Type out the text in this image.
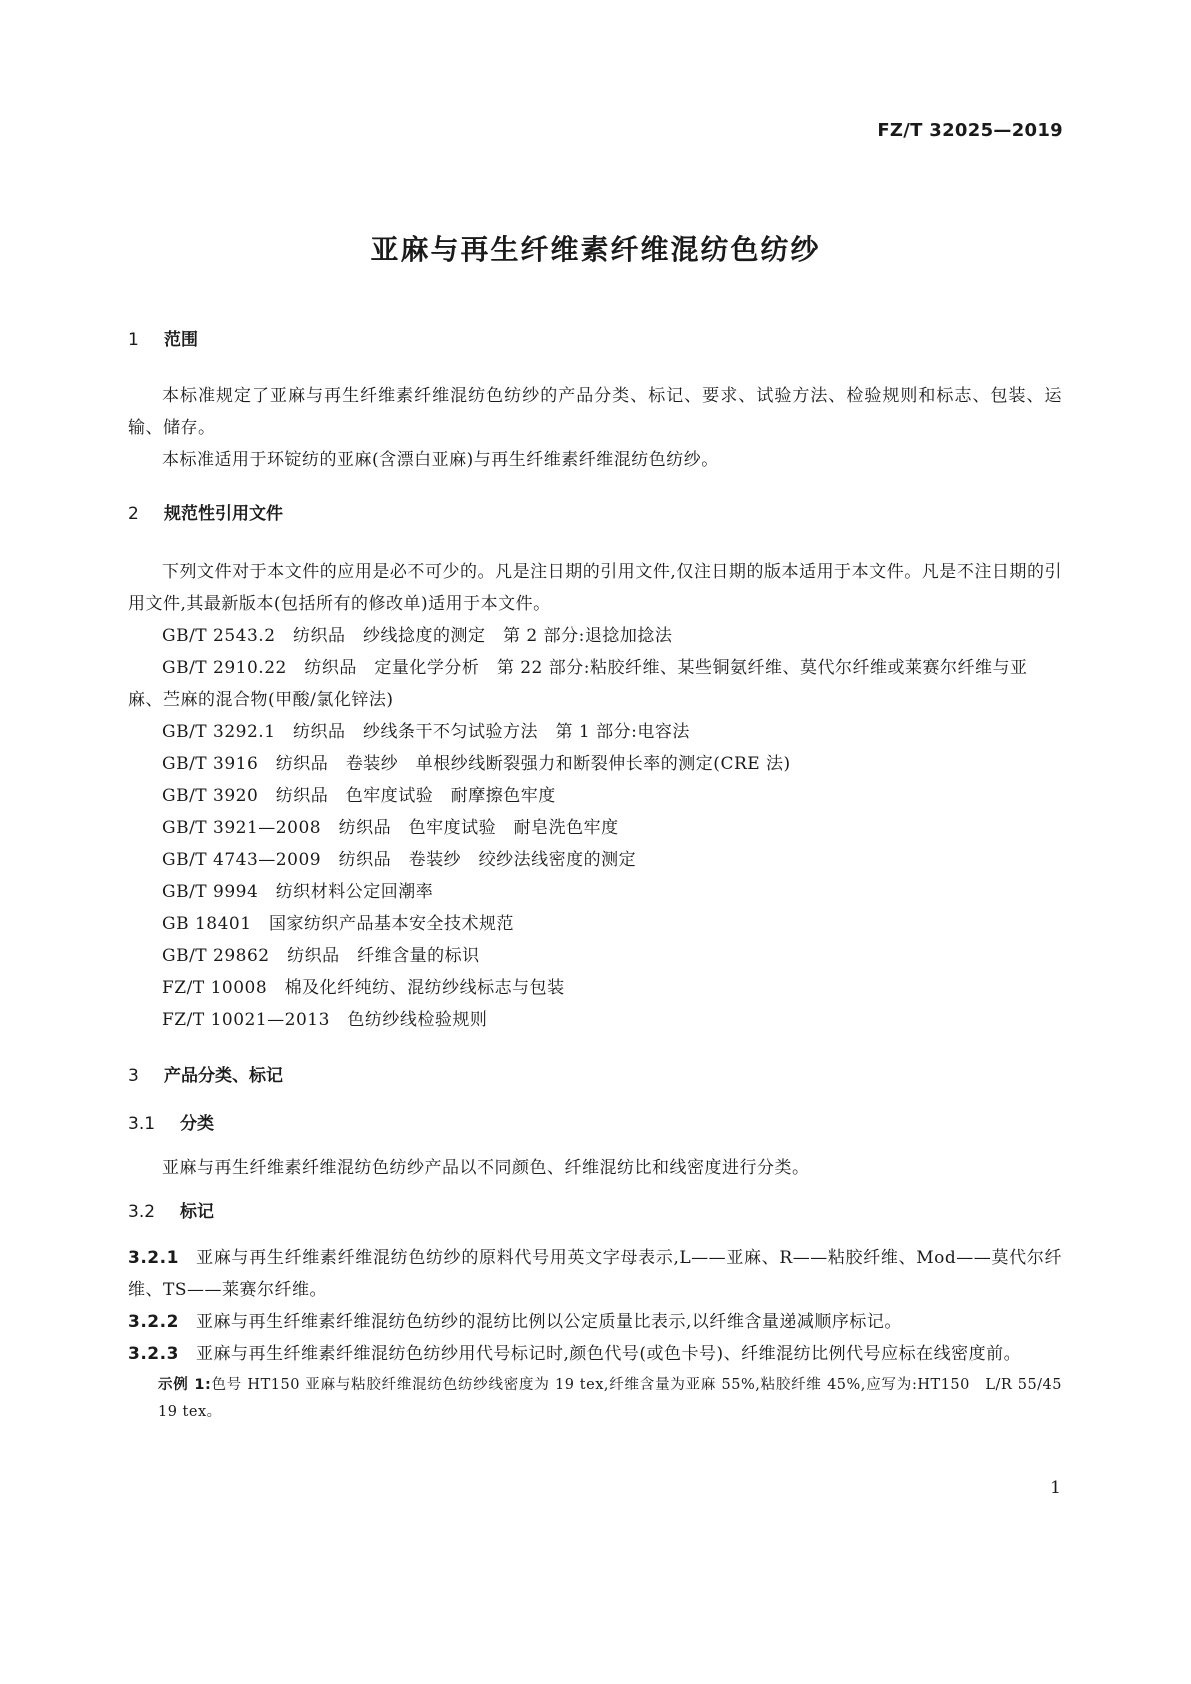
FZ/T 32025—2019
亚麻与再生纤维素纤维混纺色纺纱
1 范围
本标准规定了亚麻与再生纤维素纤维混纺色纺纱的产品分类、标记、要求、试验方法、检验规则和标志、包装、运输、储存。
本标准适用于环锭纺的亚麻(含漂白亚麻)与再生纤维素纤维混纺色纺纱。
2 规范性引用文件
下列文件对于本文件的应用是必不可少的。凡是注日期的引用文件,仅注日期的版本适用于本文件。凡是不注日期的引用文件,其最新版本(包括所有的修改单)适用于本文件。
GB/T 2543.2　纺织品　纱线捻度的测定　第 2 部分:退捻加捻法
GB/T 2910.22　纺织品　定量化学分析　第 22 部分:粘胶纤维、某些铜氨纤维、莫代尔纤维或莱赛尔纤维与亚麻、苎麻的混合物(甲酸/氯化锌法)
GB/T 3292.1　纺织品　纱线条干不匀试验方法　第 1 部分:电容法
GB/T 3916　纺织品　卷装纱　单根纱线断裂强力和断裂伸长率的测定(CRE 法)
GB/T 3920　纺织品　色牢度试验　耐摩擦色牢度
GB/T 3921—2008　纺织品　色牢度试验　耐皂洗色牢度
GB/T 4743—2009　纺织品　卷装纱　绞纱法线密度的测定
GB/T 9994　纺织材料公定回潮率
GB 18401　国家纺织产品基本安全技术规范
GB/T 29862　纺织品　纤维含量的标识
FZ/T 10008　棉及化纤纯纺、混纺纱线标志与包装
FZ/T 10021—2013　色纺纱线检验规则
3 产品分类、标记
3.1 分类
亚麻与再生纤维素纤维混纺色纺纱产品以不同颜色、纤维混纺比和线密度进行分类。
3.2 标记
3.2.1 亚麻与再生纤维素纤维混纺色纺纱的原料代号用英文字母表示,L——亚麻、R——粘胶纤维、Mod——莫代尔纤维、TS——莱赛尔纤维。
3.2.2 亚麻与再生纤维素纤维混纺色纺纱的混纺比例以公定质量比表示,以纤维含量递减顺序标记。
3.2.3 亚麻与再生纤维素纤维混纺色纺纱用代号标记时,颜色代号(或色卡号)、纤维混纺比例代号应标在线密度前。
示例 1:色号 HT150 亚麻与粘胶纤维混纺色纺纱线密度为 19 tex,纤维含量为亚麻 55%,粘胶纤维 45%,应写为:HT150　L/R 55/45 19 tex。
1
